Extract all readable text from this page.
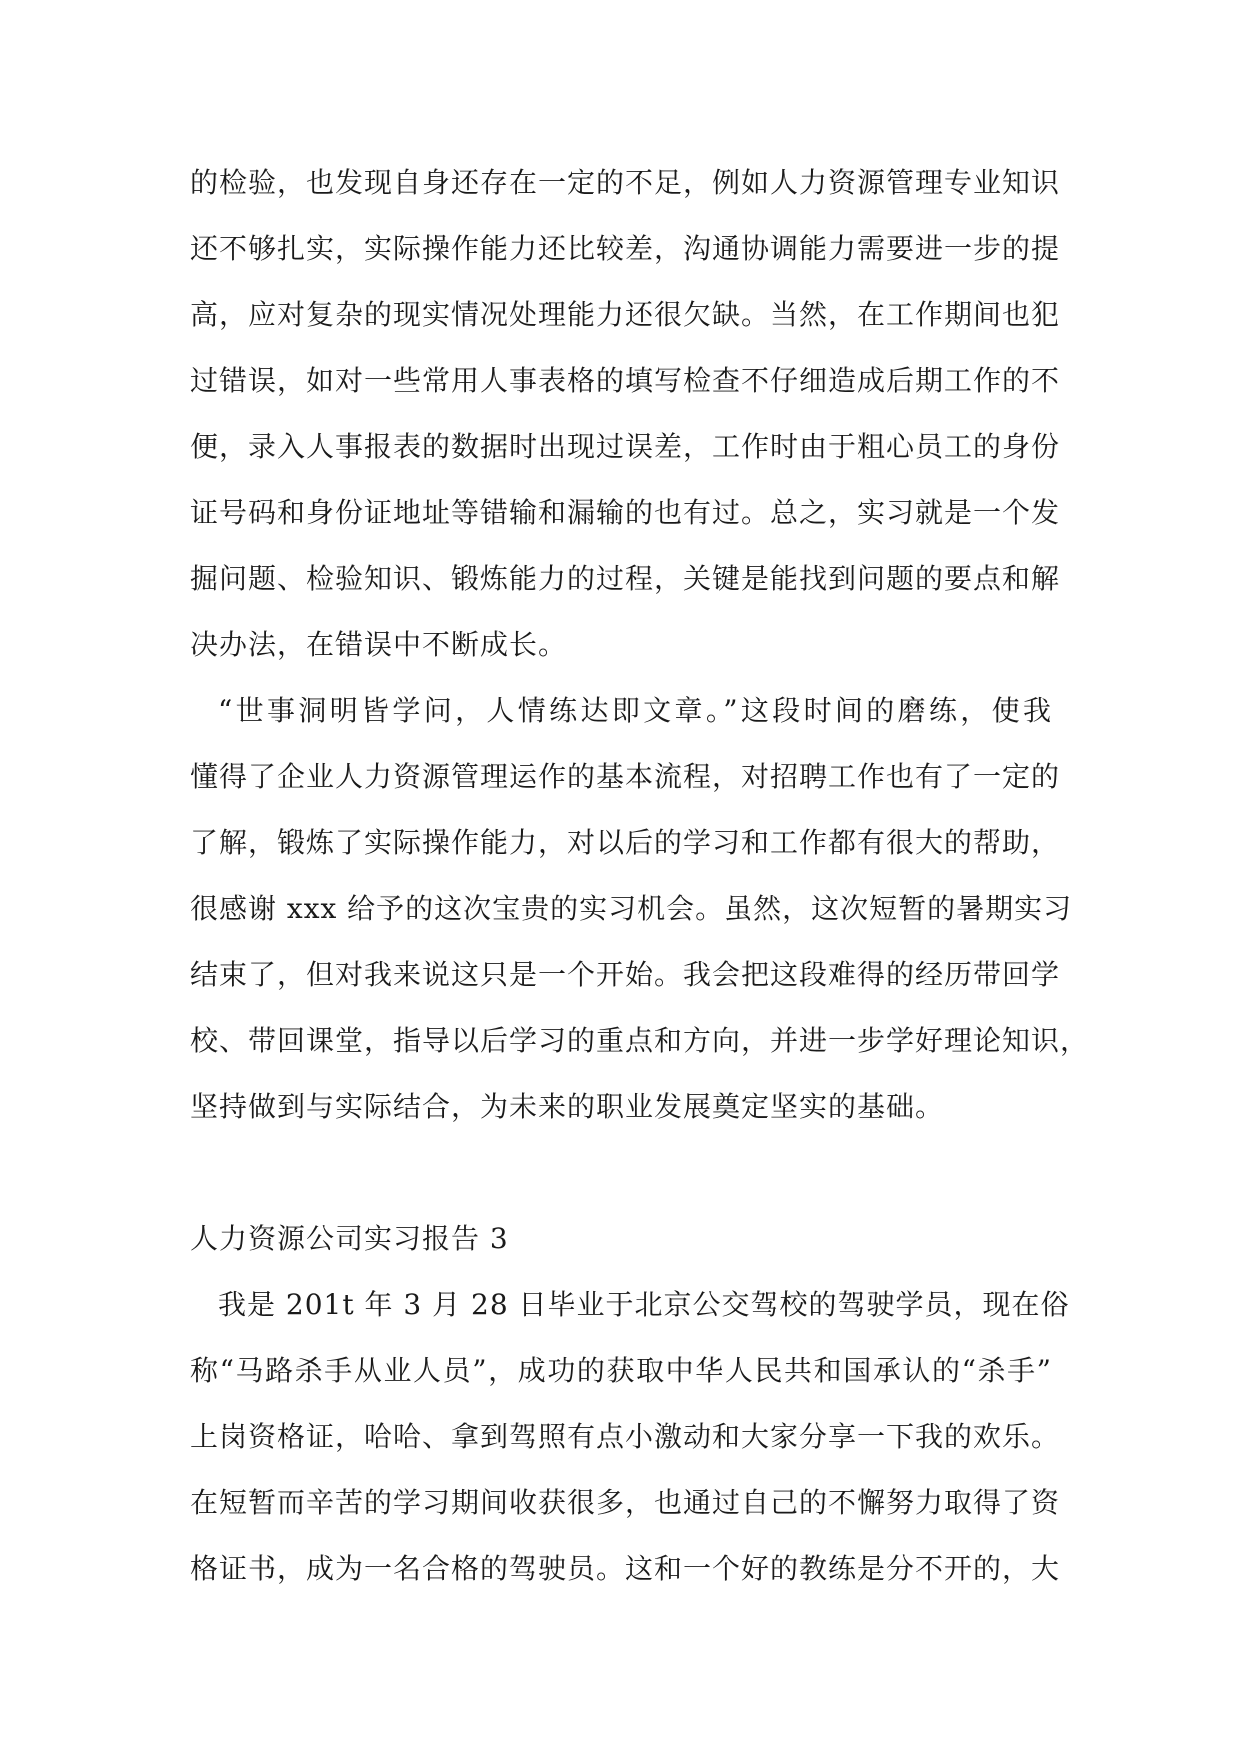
的检验，也发现自身还存在一定的不足，例如人力资源管理专业知识
还不够扎实，实际操作能力还比较差，沟通协调能力需要进一步的提
高，应对复杂的现实情况处理能力还很欠缺。当然，在工作期间也犯
过错误，如对一些常用人事表格的填写检查不仔细造成后期工作的不
便，录入人事报表的数据时出现过误差，工作时由于粗心员工的身份
证号码和身份证地址等错输和漏输的也有过。总之，实习就是一个发
掘问题、检验知识、锻炼能力的过程，关键是能找到问题的要点和解
决办法，在错误中不断成长。
“世事洞明皆学问，人情练达即文章。”这段时间的磨练，使我
懂得了企业人力资源管理运作的基本流程，对招聘工作也有了一定的
了解，锻炼了实际操作能力，对以后的学习和工作都有很大的帮助，
很感谢 xxx 给予的这次宝贵的实习机会。虽然，这次短暂的暑期实习
结束了，但对我来说这只是一个开始。我会把这段难得的经历带回学
校、带回课堂，指导以后学习的重点和方向，并进一步学好理论知识，
坚持做到与实际结合，为未来的职业发展奠定坚实的基础。
人力资源公司实习报告 3
我是 201t 年 3 月 28 日毕业于北京公交驾校的驾驶学员，现在俗
称“马路杀手从业人员”，成功的获取中华人民共和国承认的“杀手”
上岗资格证，哈哈、拿到驾照有点小激动和大家分享一下我的欢乐。
在短暂而辛苦的学习期间收获很多，也通过自己的不懈努力取得了资
格证书，成为一名合格的驾驶员。这和一个好的教练是分不开的，大
